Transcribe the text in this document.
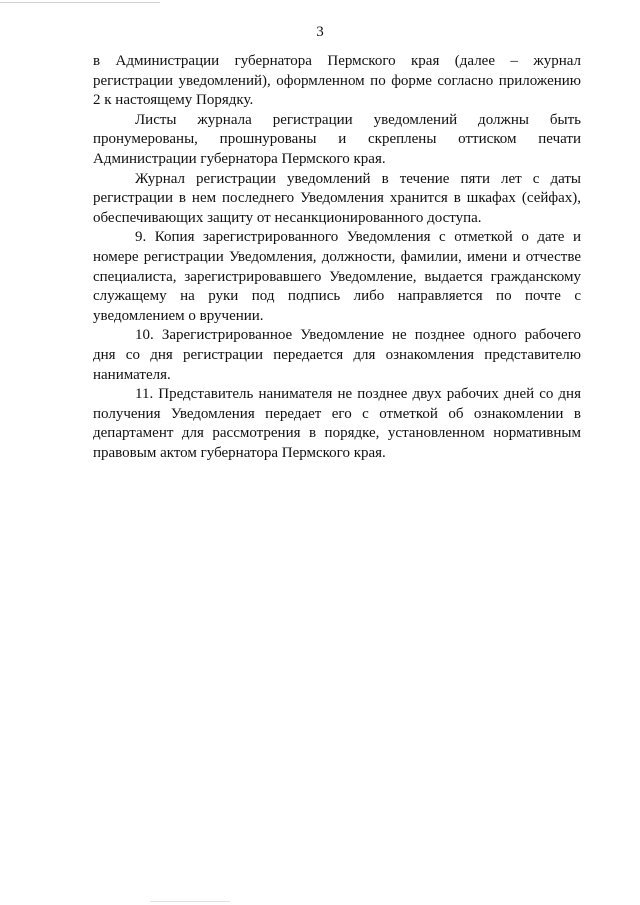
3

в Администрации губернатора Пермского края (далее – журнал регистрации уведомлений), оформленном по форме согласно приложению 2 к настоящему Порядку.

Листы журнала регистрации уведомлений должны быть пронумерованы, прошнурованы и скреплены оттиском печати Администрации губернатора Пермского края.

Журнал регистрации уведомлений в течение пяти лет с даты регистрации в нем последнего Уведомления хранится в шкафах (сейфах), обеспечивающих защиту от несанкционированного доступа.

9. Копия зарегистрированного Уведомления с отметкой о дате и номере регистрации Уведомления, должности, фамилии, имени и отчестве специалиста, зарегистрировавшего Уведомление, выдается гражданскому служащему на руки под подпись либо направляется по почте с уведомлением о вручении.

10. Зарегистрированное Уведомление не позднее одного рабочего дня со дня регистрации передается для ознакомления представителю нанимателя.

11. Представитель нанимателя не позднее двух рабочих дней со дня получения Уведомления передает его с отметкой об ознакомлении в департамент для рассмотрения в порядке, установленном нормативным правовым актом губернатора Пермского края.
